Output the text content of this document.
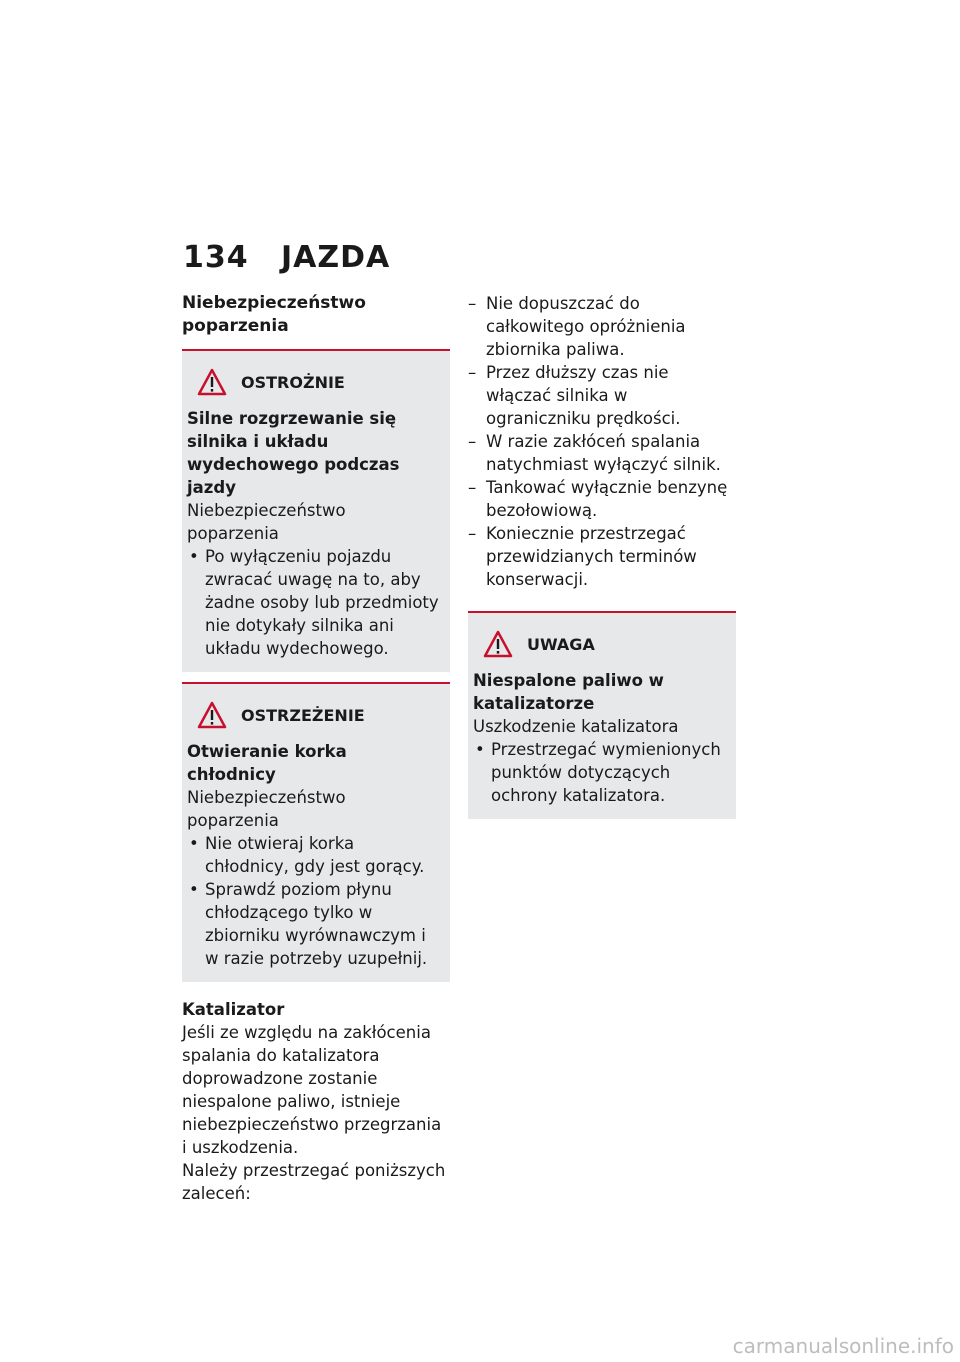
134 JAZDA
Niebezpieczeństwo poparzenia
OSTROŻNIE
Silne rozgrzewanie się silnika i układu wydechowego podczas jazdy
Niebezpieczeństwo poparzenia
• Po wyłączeniu pojazdu zwracać uwagę na to, aby żadne osoby lub przedmioty nie dotykały silnika ani układu wydechowego.
OSTRZEŻENIE
Otwieranie korka chłodnicy
Niebezpieczeństwo poparzenia
• Nie otwieraj korka chłodnicy, gdy jest gorący.
• Sprawdź poziom płynu chłodzącego tylko w zbiorniku wyrównawczym i w razie potrzeby uzupełnij.
Katalizator
Jeśli ze względu na zakłócenia spalania do katalizatora doprowadzone zostanie niespalone paliwo, istnieje niebezpieczeństwo przegrzania i uszkodzenia.
Należy przestrzegać poniższych zaleceń:
– Nie dopuszczać do całkowitego opróżnienia zbiornika paliwa.
– Przez dłuższy czas nie włączać silnika w ograniczniku prędkości.
– W razie zakłóceń spalania natychmiast wyłączyć silnik.
– Tankować wyłącznie benzynę bezołowiową.
– Koniecznie przestrzegać przewidzianych terminów konserwacji.
UWAGA
Niespalone paliwo w katalizatorze
Uszkodzenie katalizatora
• Przestrzegać wymienionych punktów dotyczących ochrony katalizatora.
carmanualsonline.info
